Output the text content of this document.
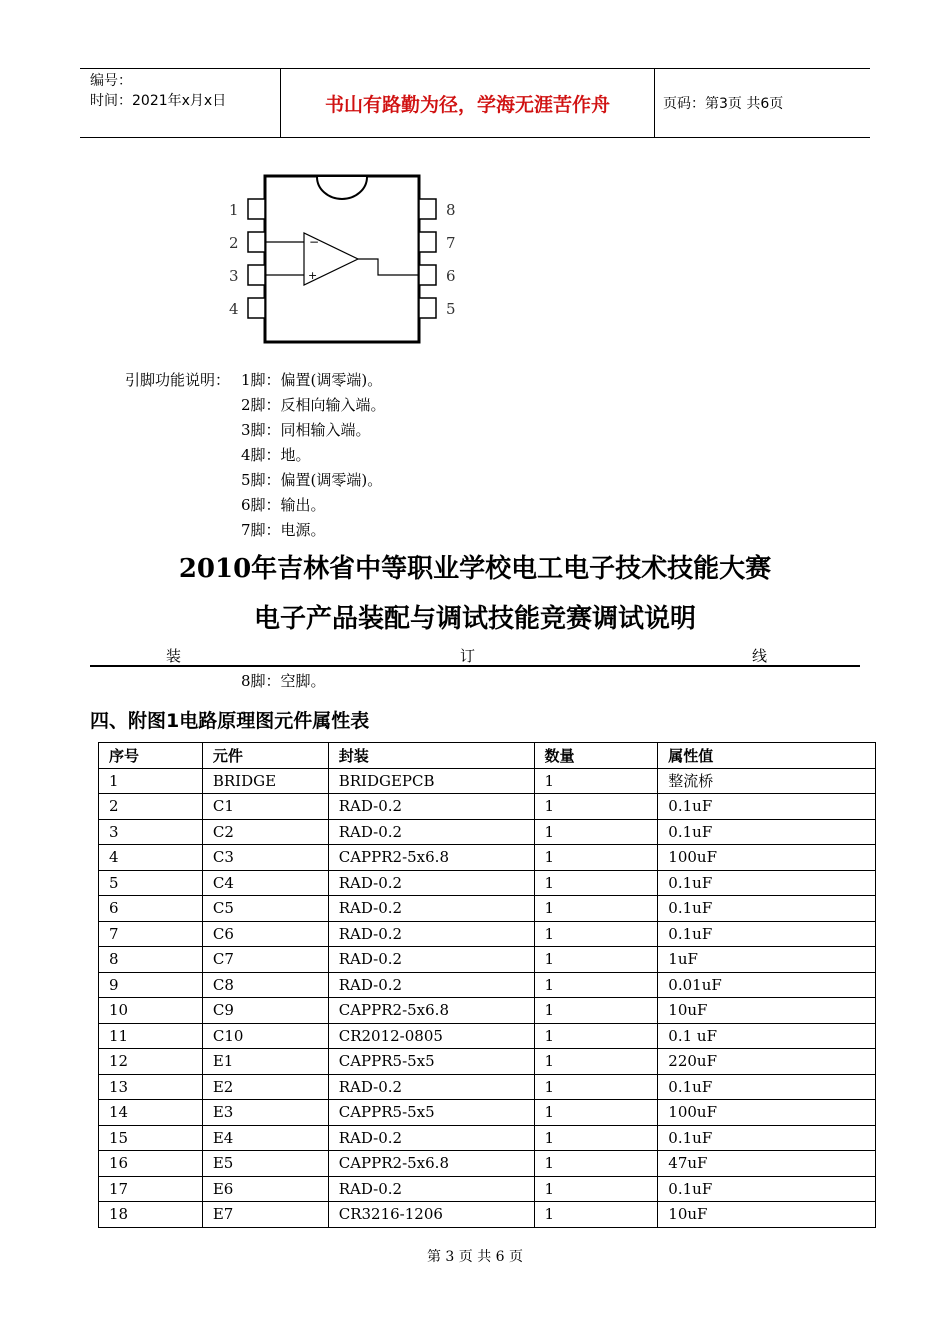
编号：
时间：2021年x月x日	书山有路勤为径，学海无涯苦作舟	页码：第3页 共6页
−
+
1
2
3
4
8
7
6
5
引脚功能说明： 1脚：偏置(调零端)。
2脚：反相向输入端。
3脚：同相输入端。
4脚：地。
5脚：偏置(调零端)。
6脚：输出。
7脚：电源。
2010年吉林省中等职业学校电工电子技术技能大赛
电子产品装配与调试技能竞赛调试说明
装	订	线
8脚：空脚。
四、附图1电路原理图元件属性表
序号	元件	封装	数量	属性值
1	BRIDGE	BRIDGEPCB	1	整流桥
2	C1	RAD-0.2	1	0.1uF
3	C2	RAD-0.2	1	0.1uF
4	C3	CAPPR2-5x6.8	1	100uF
5	C4	RAD-0.2	1	0.1uF
6	C5	RAD-0.2	1	0.1uF
7	C6	RAD-0.2	1	0.1uF
8	C7	RAD-0.2	1	1uF
9	C8	RAD-0.2	1	0.01uF
10	C9	CAPPR2-5x6.8	1	10uF
11	C10	CR2012-0805	1	0.1 uF
12	E1	CAPPR5-5x5	1	220uF
13	E2	RAD-0.2	1	0.1uF
14	E3	CAPPR5-5x5	1	100uF
15	E4	RAD-0.2	1	0.1uF
16	E5	CAPPR2-5x6.8	1	47uF
17	E6	RAD-0.2	1	0.1uF
18	E7	CR3216-1206	1	10uF
第 3 页 共 6 页
